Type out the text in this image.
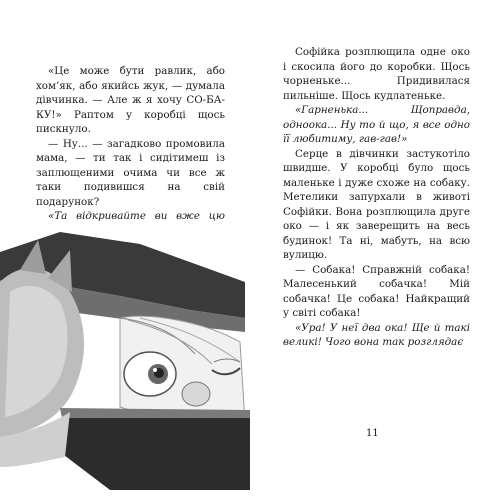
«Це може бути равлик, або хом’як, або якийсь жук, — думала дівчинка. — Але ж я хочу СО-БА-КУ!» Раптом у коробці щось пискнуло.

— Ну... — загадково промовила мама, — ти так і сидітимеш із заплющеними очима чи все ж таки подивишся на свій подарунок?

«Та відкривайте ви вже цю

Софійка розплющила одне око і скосила його до коробки. Щось чорненьке... Придивилася пильніше. Щось кудлатеньке.

«Гарненька... Щоправда, одноока... Ну то й що, я все одно її любитиму, гав-гав!»

Серце в дівчинки застукотіло швидше. У коробці було щось маленьке і дуже схоже на собаку. Метелики запурхали в животі Софійки. Вона розплющила друге око — і як заверещить на весь будинок! Та ні, мабуть, на всю вулицю.

— Собака! Справжній собака! Малесенький собачка! Мій собачка! Це собака! Найкращий у світі собака!

«Ура! У неї два ока! Ще й такі великі! Чого вона так розглядає

11
